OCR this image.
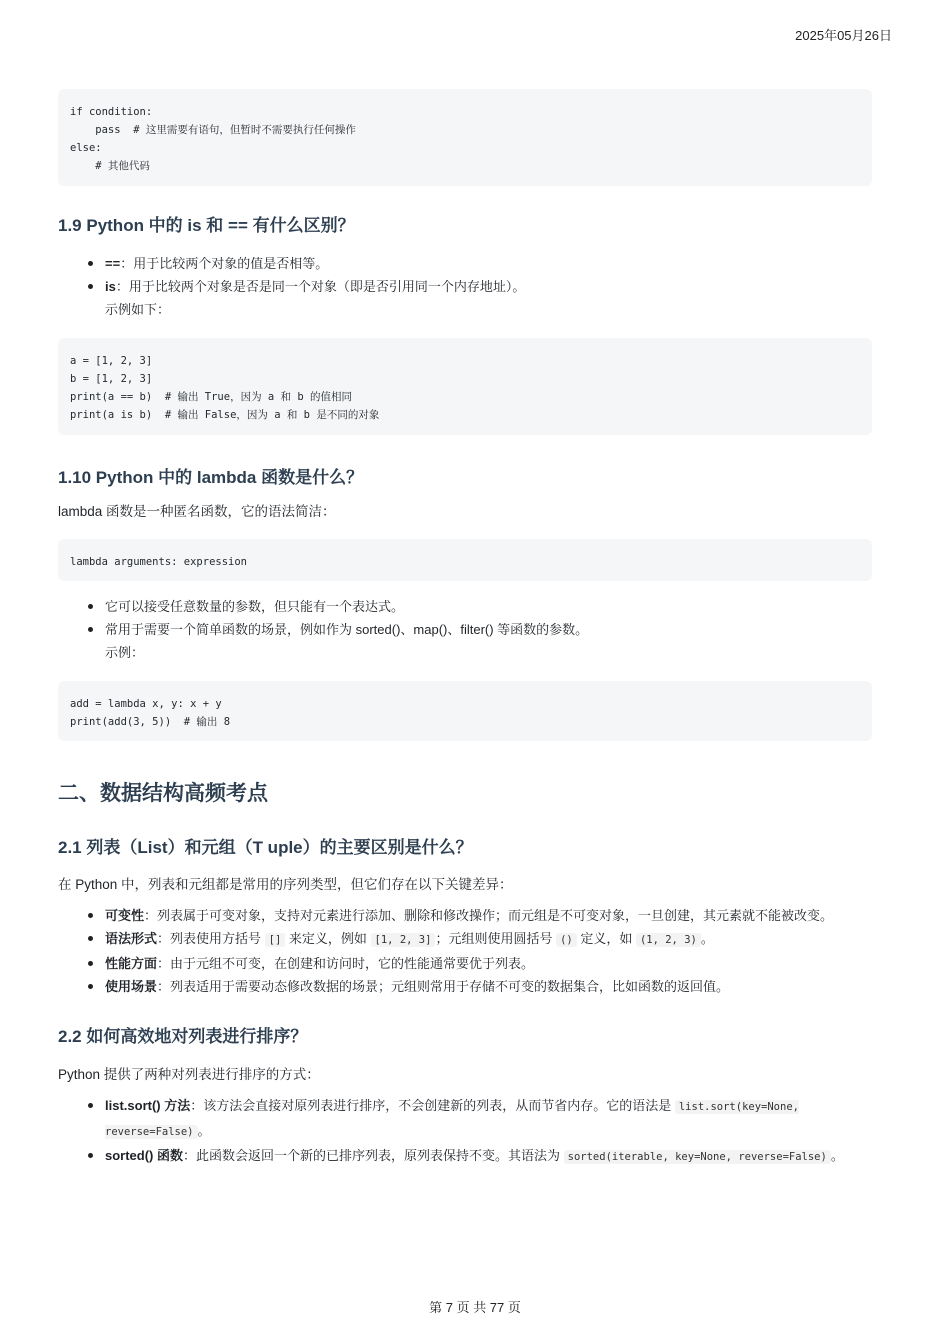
2025年05月26日
if condition:
pass  # 这里需要有语句，但暂时不需要执行任何操作
else:
# 其他代码
1.9 Python 中的 is 和 == 有什么区别？
==：用于比较两个对象的值是否相等。
is：用于比较两个对象是否是同一个对象（即是否引用同一个内存地址）。
示例如下：
a = [1, 2, 3]
b = [1, 2, 3]
print(a == b)  # 输出 True，因为 a 和 b 的值相同
print(a is b)  # 输出 False，因为 a 和 b 是不同的对象
1.10 Python 中的 lambda 函数是什么？

lambda 函数是一种匿名函数，它的语法简洁：

lambda arguments: expression
它可以接受任意数量的参数，但只能有一个表达式。
常用于需要一个简单函数的场景，例如作为 sorted()、map()、filter() 等函数的参数。
示例：
add = lambda x, y: x + y
print(add(3, 5))  # 输出 8
二、数据结构高频考点
2.1 列表（List）和元组（T uple）的主要区别是什么？

在 Python 中，列表和元组都是常用的序列类型，但它们存在以下关键差异：

可变性：列表属于可变对象，支持对元素进行添加、删除和修改操作；而元组是不可变对象，一旦创建，其元素就不能被改变。
语法形式：列表使用方括号 [] 来定义，例如 [1, 2, 3] ；元组则使用圆括号 () 定义，如 (1, 2, 3) 。
性能方面：由于元组不可变，在创建和访问时，它的性能通常要优于列表。
使用场景：列表适用于需要动态修改数据的场景；元组则常用于存储不可变的数据集合，比如函数的返回值。
2.2 如何高效地对列表进行排序？

Python 提供了两种对列表进行排序的方式：

list.sort() 方法：该方法会直接对原列表进行排序，不会创建新的列表，从而节省内存。它的语法是 list.sort(key=None, reverse=False) 。
sorted() 函数：此函数会返回一个新的已排序列表，原列表保持不变。其语法为 sorted(iterable, key=None, reverse=False) 。
第 7 页 共 77 页
